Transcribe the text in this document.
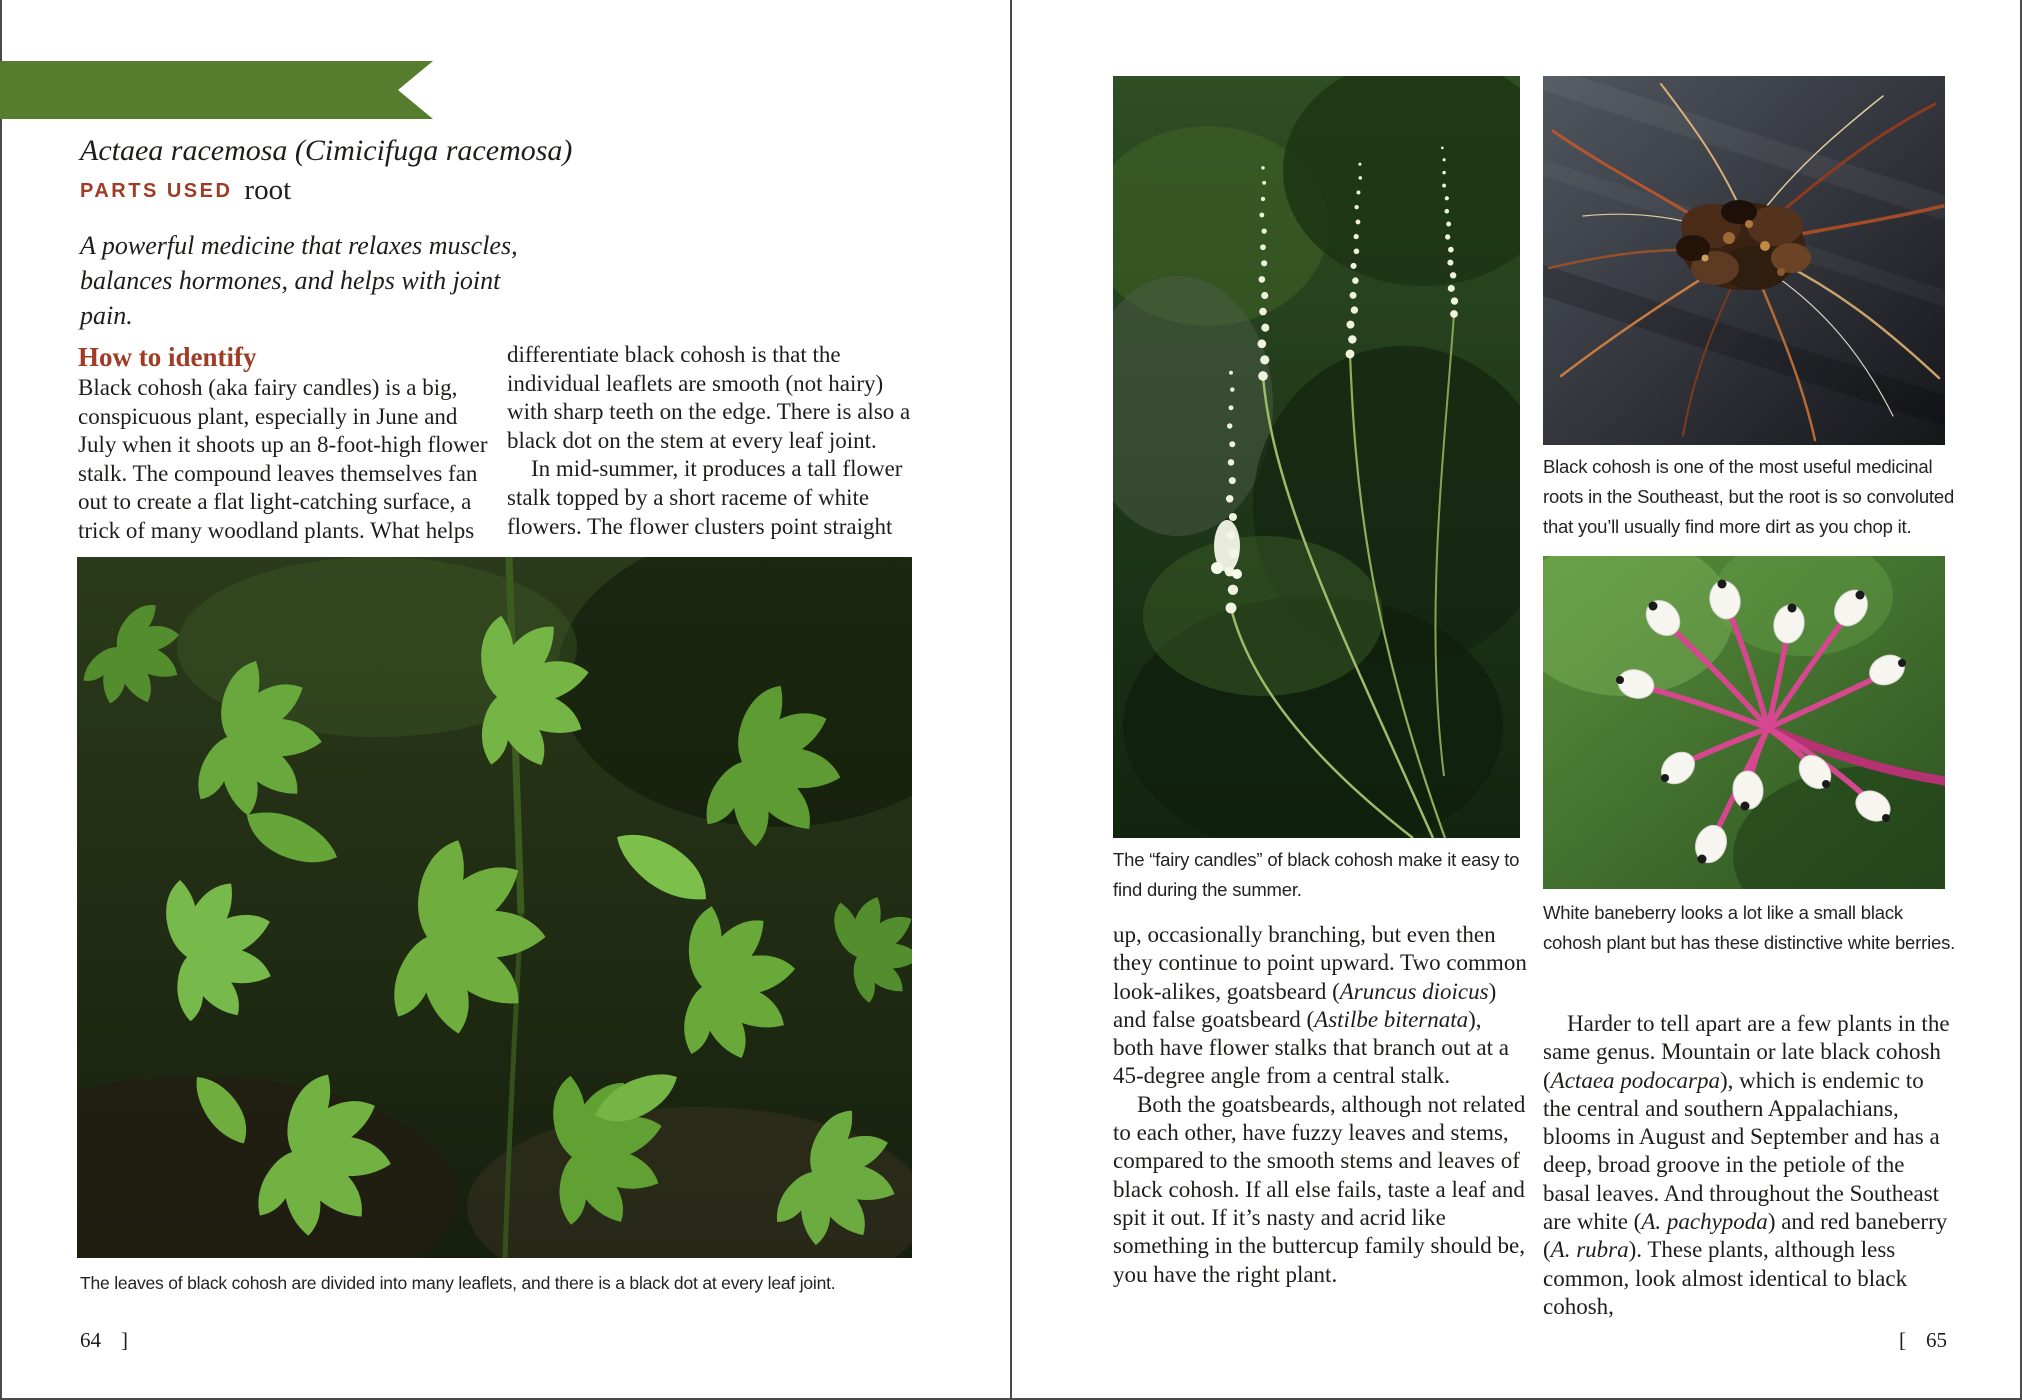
black cohosh
Actaea racemosa (Cimicifuga racemosa)
PARTS USED root
A powerful medicine that relaxes muscles, balances hormones, and helps with joint pain.

How to identify

Black cohosh (aka fairy candles) is a big, conspicuous plant, especially in June and July when it shoots up an 8-foot-high flower stalk. The compound leaves themselves fan out to create a flat light-catching surface, a trick of many woodland plants. What helps

differentiate black cohosh is that the individual leaflets are smooth (not hairy) with sharp teeth on the edge. There is also a black dot on the stem at every leaf joint.

In mid-summer, it produces a tall flower stalk topped by a short raceme of white flowers. The flower clusters point straight

The leaves of black cohosh are divided into many leaflets, and there is a black dot at every leaf joint.
64 ]
The “fairy candles” of black cohosh make it easy to find during the summer.
Black cohosh is one of the most useful medicinal roots in the Southeast, but the root is so convoluted that you’ll usually find more dirt as you chop it.
White baneberry looks a lot like a small black cohosh plant but has these distinctive white berries.

up, occasionally branching, but even then they continue to point upward. Two common look-alikes, goatsbeard (Aruncus dioicus) and false goatsbeard (Astilbe biternata), both have flower stalks that branch out at a 45-degree angle from a central stalk.

Both the goatsbeards, although not related to each other, have fuzzy leaves and stems, compared to the smooth stems and leaves of black cohosh. If all else fails, taste a leaf and spit it out. If it’s nasty and acrid like something in the buttercup family should be, you have the right plant.

Harder to tell apart are a few plants in the same genus. Mountain or late black cohosh (Actaea podocarpa), which is endemic to the central and southern Appalachians, blooms in August and September and has a deep, broad groove in the petiole of the basal leaves. And throughout the Southeast are white (A. pachypoda) and red baneberry (A. rubra). These plants, although less common, look almost identical to black cohosh,

[ 65
